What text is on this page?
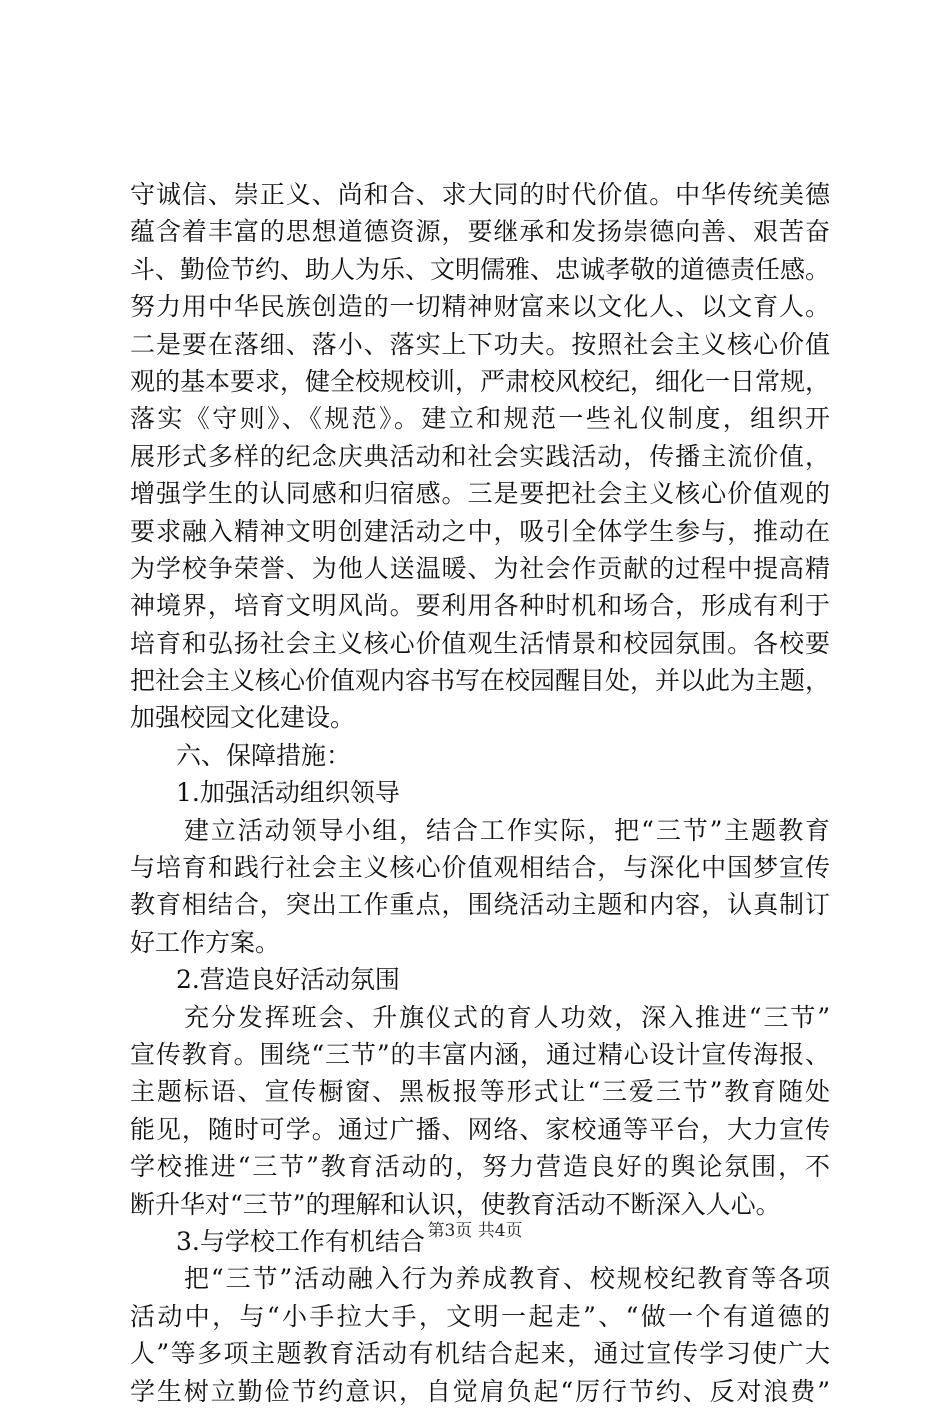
守诚信、崇正义、尚和合、求大同的时代价值。中华传统美德
蕴含着丰富的思想道德资源，要继承和发扬崇德向善、艰苦奋
斗、勤俭节约、助人为乐、文明儒雅、忠诚孝敬的道德责任感。
努力用中华民族创造的一切精神财富来以文化人、以文育人。
二是要在落细、落小、落实上下功夫。按照社会主义核心价值
观的基本要求，健全校规校训，严肃校风校纪，细化一日常规，
落实《守则》、《规范》。建立和规范一些礼仪制度，组织开
展形式多样的纪念庆典活动和社会实践活动，传播主流价值，
增强学生的认同感和归宿感。三是要把社会主义核心价值观的
要求融入精神文明创建活动之中，吸引全体学生参与，推动在
为学校争荣誉、为他人送温暖、为社会作贡献的过程中提高精
神境界，培育文明风尚。要利用各种时机和场合，形成有利于
培育和弘扬社会主义核心价值观生活情景和校园氛围。各校要
把社会主义核心价值观内容书写在校园醒目处，并以此为主题，
加强校园文化建设。
六、保障措施：
1.加强活动组织领导
建立活动领导小组，结合工作实际，把“三节”主题教育
与培育和践行社会主义核心价值观相结合，与深化中国梦宣传
教育相结合，突出工作重点，围绕活动主题和内容，认真制订
好工作方案。
2.营造良好活动氛围
充分发挥班会、升旗仪式的育人功效，深入推进“三节”
宣传教育。围绕“三节”的丰富内涵，通过精心设计宣传海报、
主题标语、宣传橱窗、黑板报等形式让“三爱三节”教育随处
能见，随时可学。通过广播、网络、家校通等平台，大力宣传
学校推进“三节”教育活动的，努力营造良好的舆论氛围，不
断升华对“三节”的理解和认识，使教育活动不断深入人心。
3.与学校工作有机结合
把“三节”活动融入行为养成教育、校规校纪教育等各项
活动中，与“小手拉大手，文明一起走”、“做一个有道德的
人”等多项主题教育活动有机结合起来，通过宣传学习使广大
学生树立勤俭节约意识，自觉肩负起“厉行节约、反对浪费”
第3页 共4页
